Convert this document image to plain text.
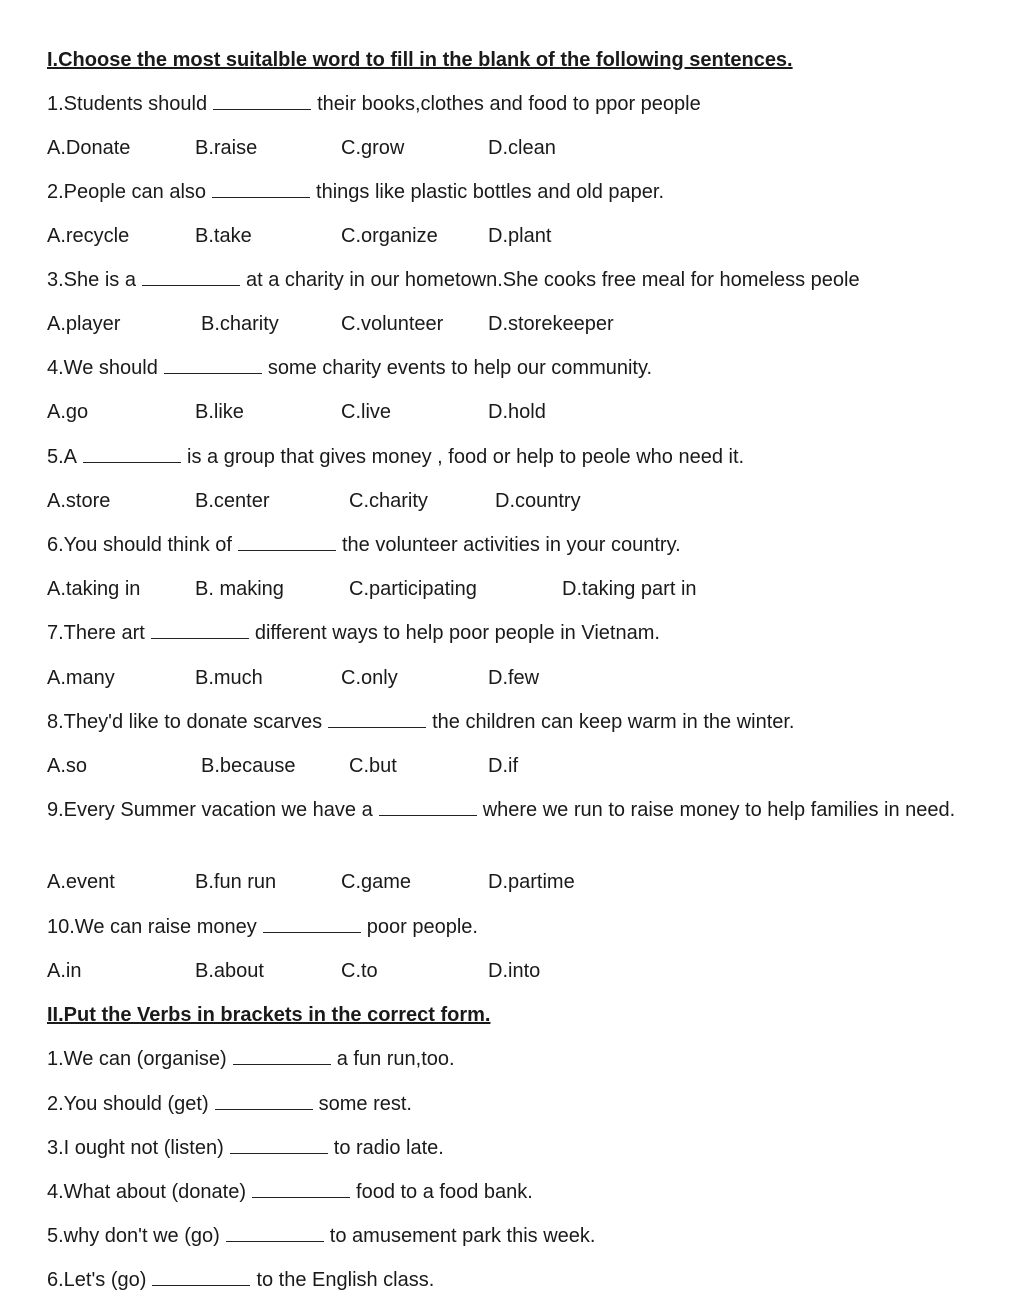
I.Choose the most suitalble word to fill in the blank of the following sentences.
1.Students should	their books,clothes and food to ppor people
A.Donate	B.raise	C.grow	D.clean
2.People can also	things like plastic bottles and old paper.
A.recycle	B.take	C.organize	D.plant
3.She is a	at a charity in our hometown.She cooks free meal for homeless peole
A.player	B.charity	C.volunteer D.storekeeper
4.We should	some charity events to help our community.
A.go	B.like	C.live	D.hold
5.A	is a group that gives money , food or help to peole who need it.
A.store	B.center	C.charity	D.country
6.You should think of	the volunteer activities in your country.
A.taking in	B. making	C.participating	D.taking part in
7.There art	different ways to help poor people in Vietnam.
A.many	B.much	C.only	D.few
8.They'd like to donate scarves	the children can keep warm in the winter.
A.so	B.because	C.but	D.if
9.Every Summer vacation we have a	where we run to raise money to help families in need.
A.event	B.fun run	C.game	D.partime
10.We can raise money	poor people.
A.in	B.about	C.to	D.into
II.Put the Verbs in brackets in the correct form.
1.We can (organise)	a fun run,too.
2.You should (get)	some rest.
3.I ought not (listen)	to radio late.
4.What about (donate)	food to a food bank.
5.why don't we (go)	to amusement park this week.
6.Let's (go)	to the English class.
